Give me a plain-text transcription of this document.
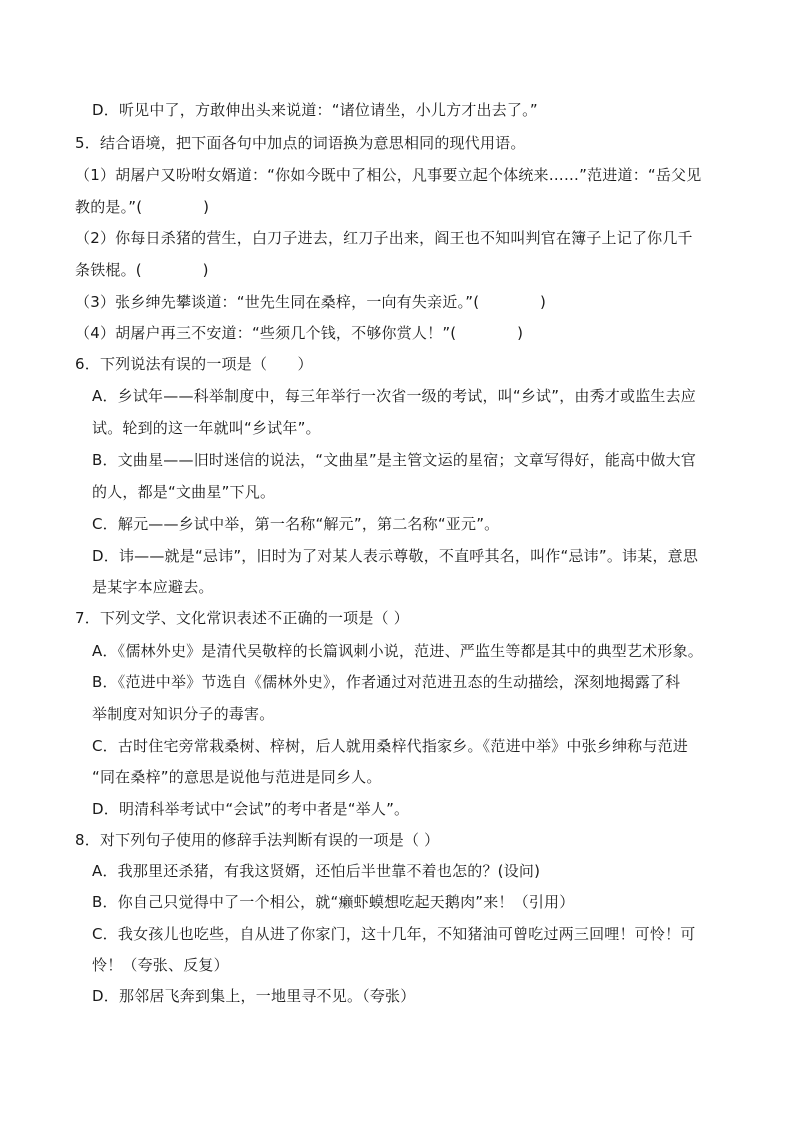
D．听见中了，方敢伸出头来说道：“诸位请坐，小儿方才出去了。”
5．结合语境，把下面各句中加点的词语换为意思相同的现代用语。
（1）胡屠户又吩咐女婿道：“你如今既中了相公，凡事要立起个体统来……”范进道：“岳父见
教的是。”(　　　　)
（2）你每日杀猪的营生，白刀子进去，红刀子出来，阎王也不知叫判官在簿子上记了你几千
条铁棍。(　　　　)
（3）张乡绅先攀谈道：“世先生同在桑梓，一向有失亲近。”(　　　　)
（4）胡屠户再三不安道：“些须几个钱，不够你赏人！”(　　　　)
6．下列说法有误的一项是（　　）
A．乡试年——科举制度中，每三年举行一次省一级的考试，叫“乡试”，由秀才或监生去应
试。轮到的这一年就叫“乡试年”。
B．文曲星——旧时迷信的说法，“文曲星”是主管文运的星宿；文章写得好，能高中做大官
的人，都是“文曲星”下凡。
C．解元——乡试中举，第一名称“解元”，第二名称“亚元”。
D．讳——就是“忌讳”，旧时为了对某人表示尊敬，不直呼其名，叫作“忌讳”。讳某，意思
是某字本应避去。
7．下列文学、文化常识表述不正确的一项是（ ）
A．《儒林外史》是清代吴敬梓的长篇讽刺小说，范进、严监生等都是其中的典型艺术形象。
B．《范进中举》节选自《儒林外史》，作者通过对范进丑态的生动描绘，深刻地揭露了科
举制度对知识分子的毒害。
C．古时住宅旁常栽桑树、梓树，后人就用桑梓代指家乡。《范进中举》中张乡绅称与范进
“同在桑梓”的意思是说他与范进是同乡人。
D．明清科举考试中“会试”的考中者是“举人”。
8．对下列句子使用的修辞手法判断有误的一项是（ ）
A．我那里还杀猪，有我这贤婿，还怕后半世靠不着也怎的？(设问)
B．你自己只觉得中了一个相公，就“癞虾蟆想吃起天鹅肉”来！（引用）
C．我女孩儿也吃些，自从进了你家门，这十几年，不知猪油可曾吃过两三回哩！可怜！可
怜！（夸张、反复）
D．那邻居飞奔到集上，一地里寻不见。（夸张）
